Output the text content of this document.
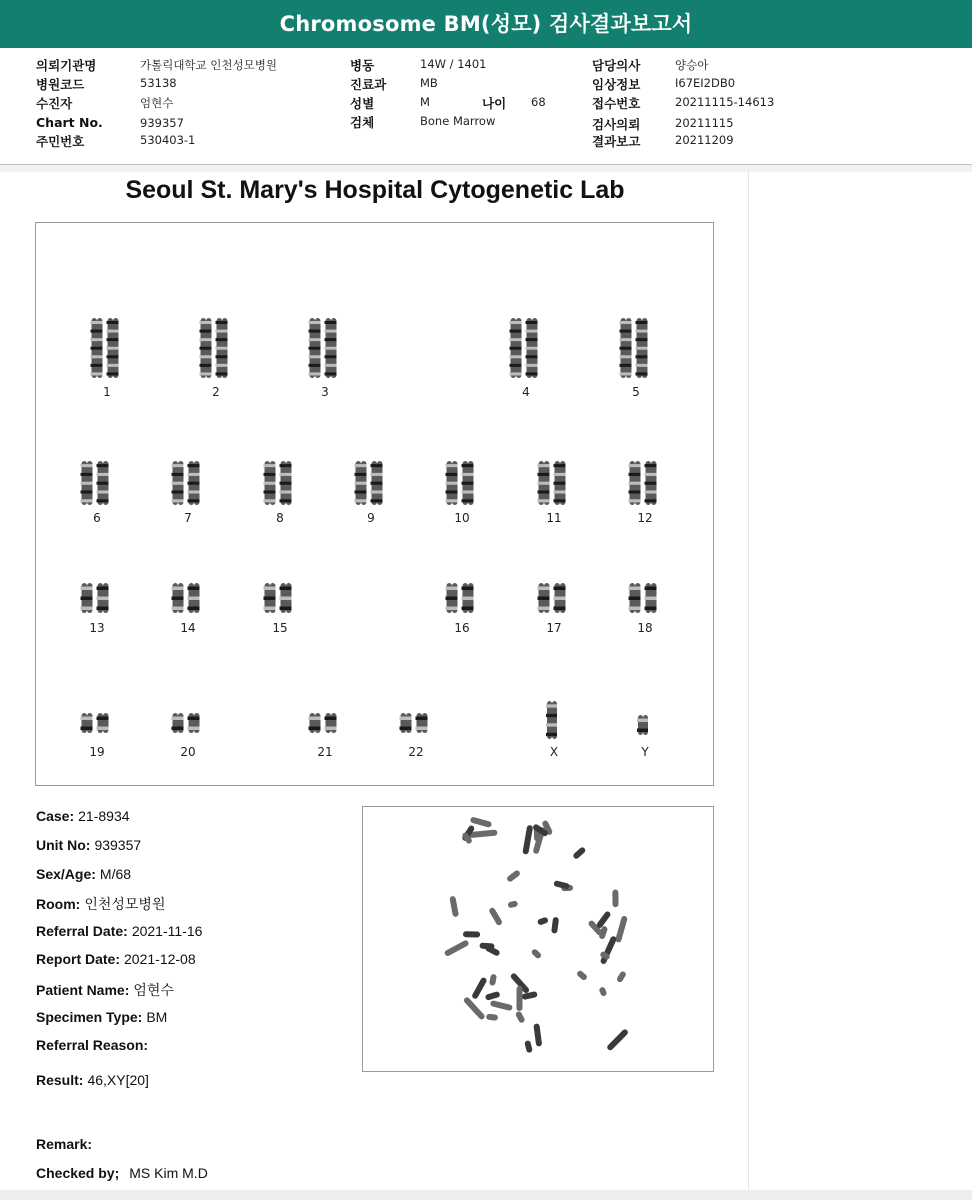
Chromosome BM(성모) 검사결과보고서
의뢰기관명	가톨릭대학교 인천성모병원
병원코드	53138
수진자	엄현수
Chart No.	939357
주민번호	530403-1
병동	14W / 1401
진료과	MB
성별	M
검체	Bone Marrow
나이 68
담당의사	양승아
임상정보	I67EI2DB0
접수번호	20211115-14613
검사의뢰	20211115
결과보고	20211209
Seoul St. Mary's Hospital Cytogenetic Lab
1	2	3	4	5
6	7	8	9	10	11	12
13	14	15	16	17	18
19	20	21	22	X	Y
Case: 21-8934
Unit No: 939357
Sex/Age: M/68
Room: 인천성모병원
Referral Date: 2021-11-16
Report Date: 2021-12-08
Patient Name: 엄현수
Specimen Type: BM
Referral Reason:
Result: 46,XY[20]
Remark:
Checked by; MS Kim M.D
